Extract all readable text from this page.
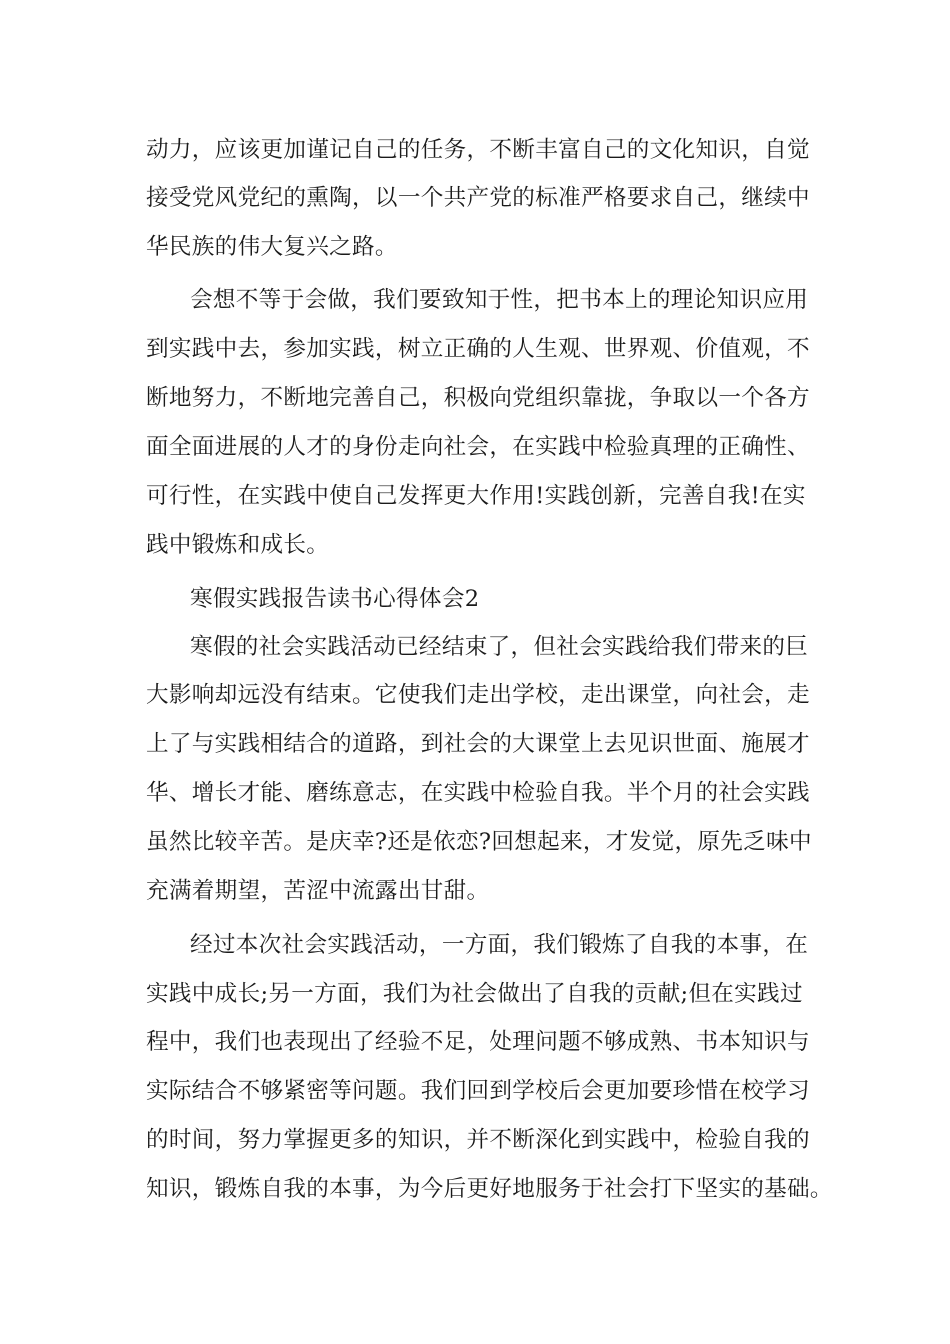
动力，应该更加谨记自己的任务，不断丰富自己的文化知识，自觉
接受党风党纪的熏陶，以一个共产党的标准严格要求自己，继续中
华民族的伟大复兴之路。
会想不等于会做，我们要致知于性，把书本上的理论知识应用
到实践中去，参加实践，树立正确的人生观、世界观、价值观，不
断地努力，不断地完善自己，积极向党组织靠拢，争取以一个各方
面全面进展的人才的身份走向社会，在实践中检验真理的正确性、
可行性，在实践中使自己发挥更大作用!实践创新，完善自我!在实
践中锻炼和成长。
寒假实践报告读书心得体会2
寒假的社会实践活动已经结束了，但社会实践给我们带来的巨
大影响却远没有结束。它使我们走出学校，走出课堂，向社会，走
上了与实践相结合的道路，到社会的大课堂上去见识世面、施展才
华、增长才能、磨练意志，在实践中检验自我。半个月的社会实践
虽然比较辛苦。是庆幸?还是依恋?回想起来，才发觉，原先乏味中
充满着期望，苦涩中流露出甘甜。
经过本次社会实践活动，一方面，我们锻炼了自我的本事，在
实践中成长;另一方面，我们为社会做出了自我的贡献;但在实践过
程中，我们也表现出了经验不足，处理问题不够成熟、书本知识与
实际结合不够紧密等问题。我们回到学校后会更加要珍惜在校学习
的时间，努力掌握更多的知识，并不断深化到实践中，检验自我的
知识，锻炼自我的本事，为今后更好地服务于社会打下坚实的基础。
